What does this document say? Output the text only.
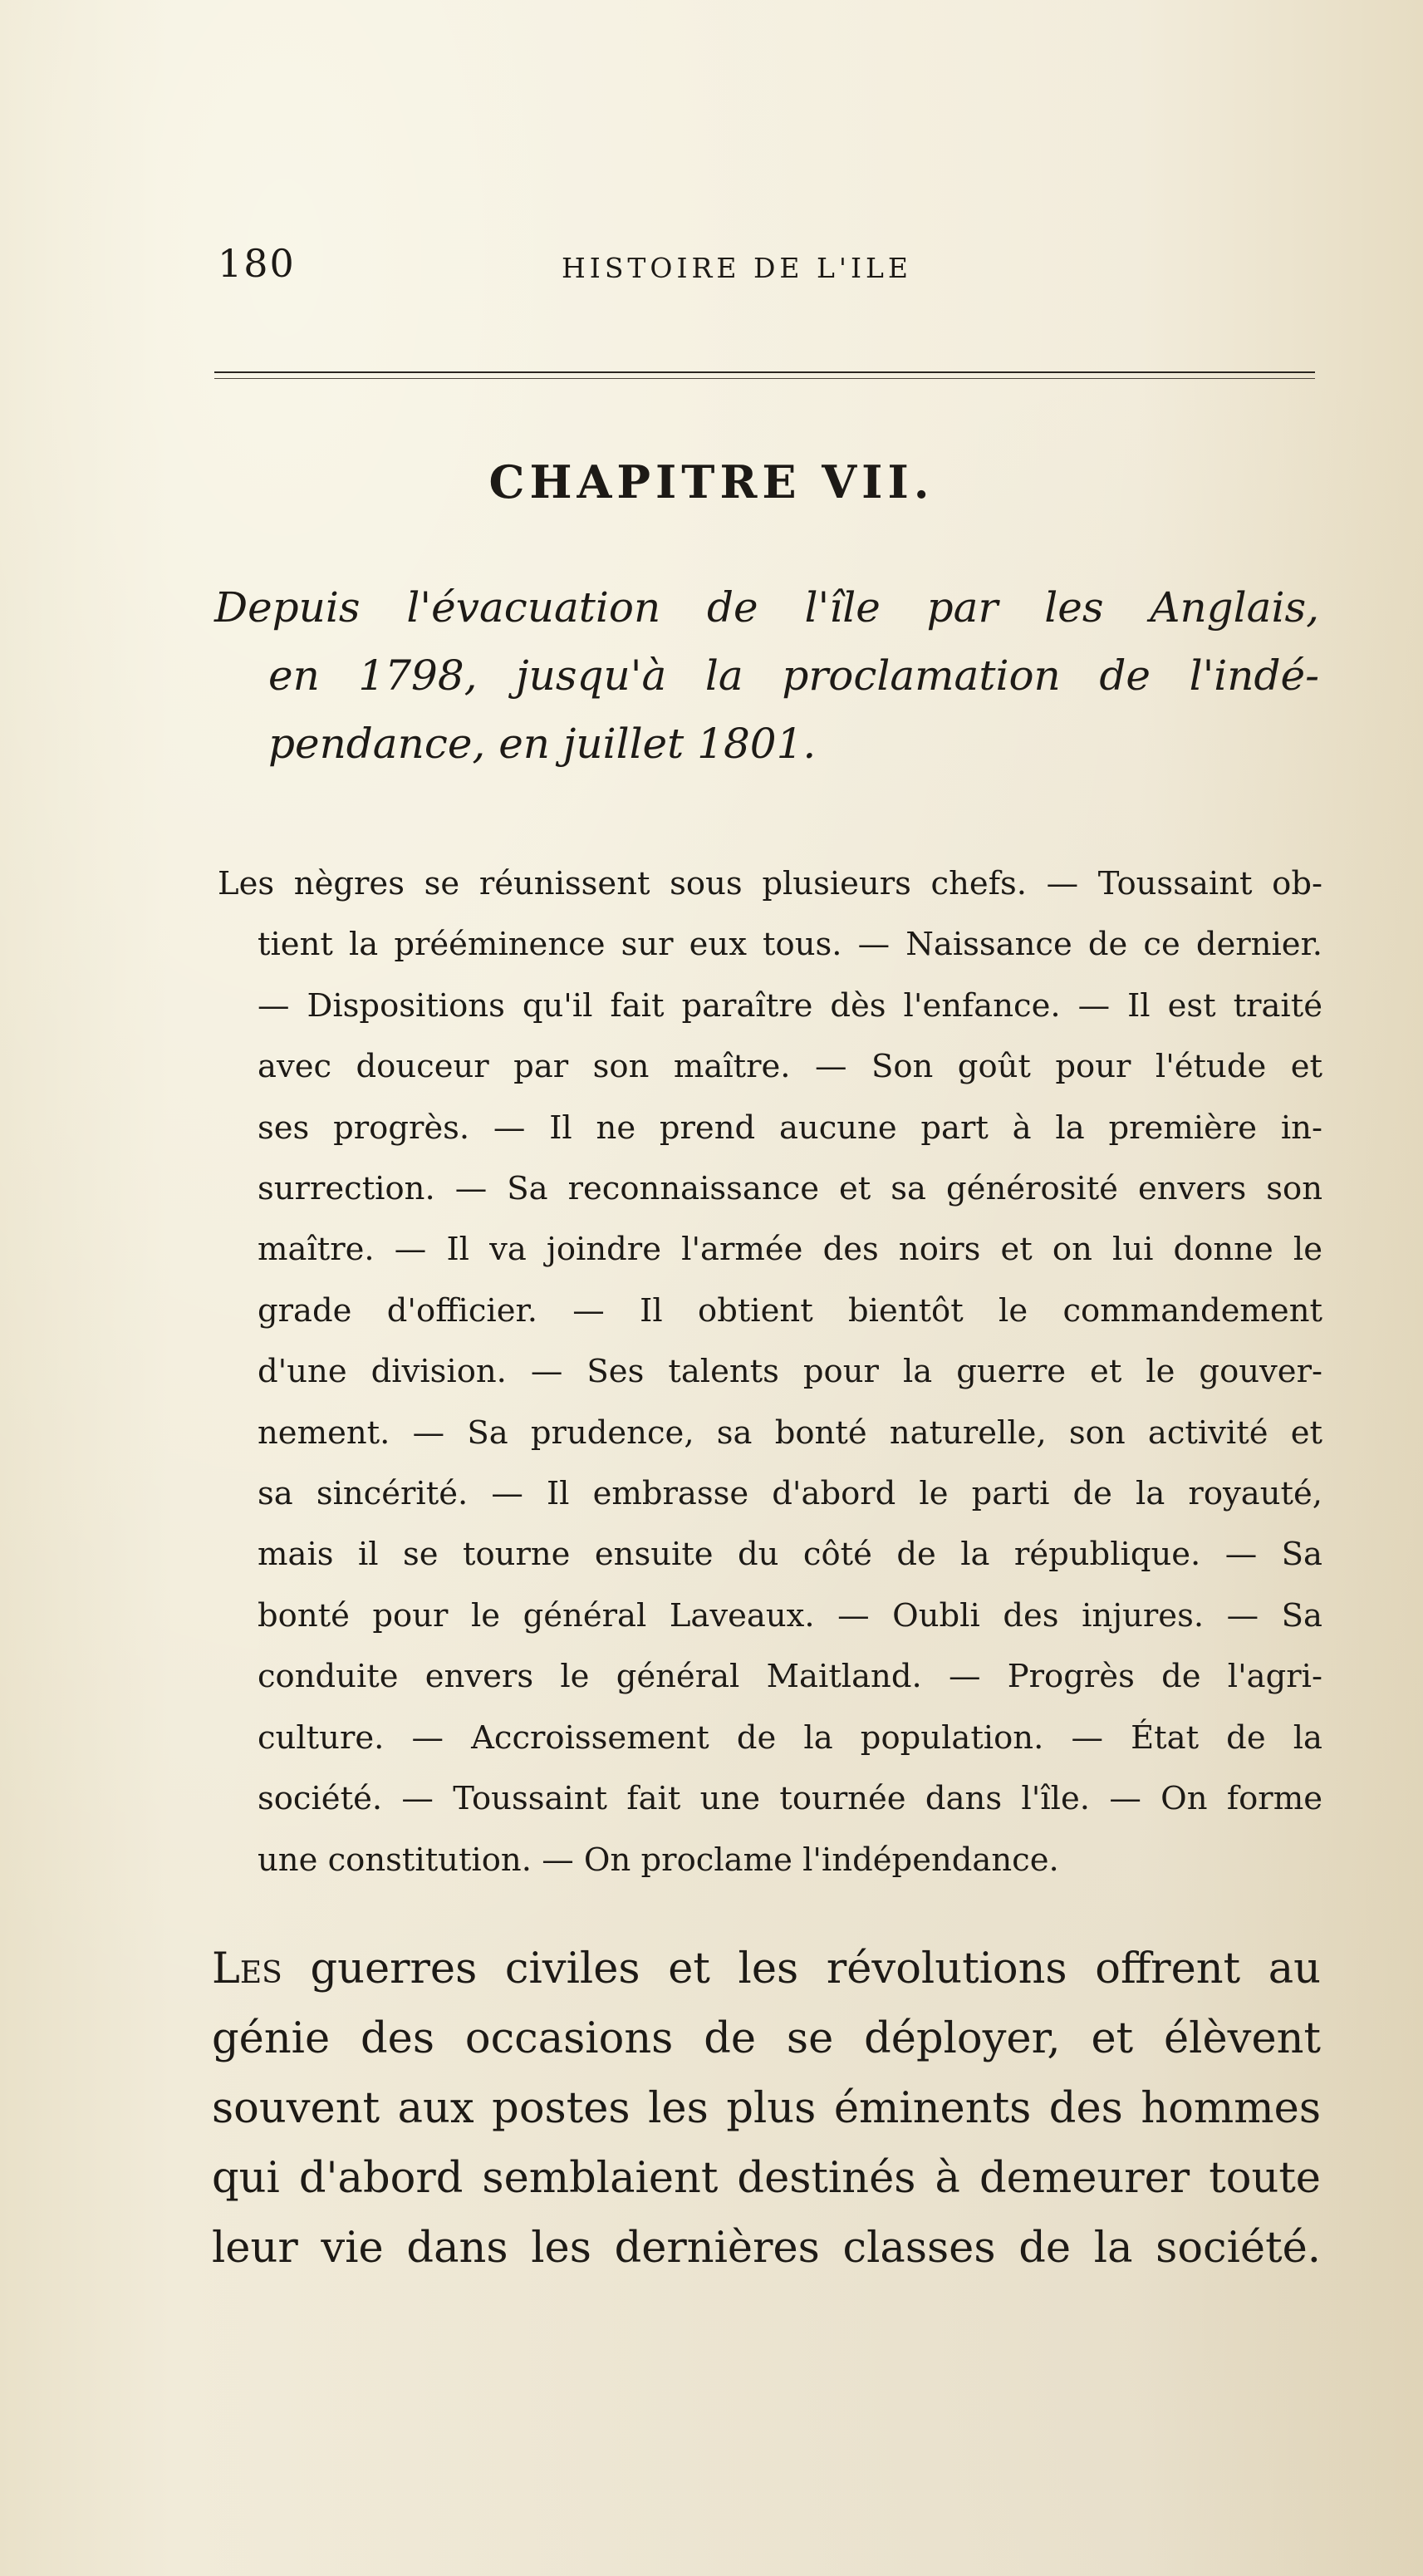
180	HISTOIRE DE L'ILE

CHAPITRE VII.
Depuis l'évacuation de l'île par les Anglais,
en 1798, jusqu'à la proclamation de l'indé-
pendance, en juillet 1801.
Les nègres se réunissent sous plusieurs chefs. — Toussaint ob-
tient la prééminence sur eux tous. — Naissance de ce dernier.
— Dispositions qu'il fait paraître dès l'enfance. — Il est traité
avec douceur par son maître. — Son goût pour l'étude et
ses progrès. — Il ne prend aucune part à la première in-
surrection. — Sa reconnaissance et sa générosité envers son
maître. — Il va joindre l'armée des noirs et on lui donne le
grade d'officier. — Il obtient bientôt le commandement
d'une division. — Ses talents pour la guerre et le gouver-
nement. — Sa prudence, sa bonté naturelle, son activité et
sa sincérité. — Il embrasse d'abord le parti de la royauté,
mais il se tourne ensuite du côté de la république. — Sa
bonté pour le général Laveaux. — Oubli des injures. — Sa
conduite envers le général Maitland. — Progrès de l'agri-
culture. — Accroissement de la population. — État de la
société. — Toussaint fait une tournée dans l'île. — On forme
une constitution. — On proclame l'indépendance.
Les guerres civiles et les révolutions offrent au
génie des occasions de se déployer, et élèvent
souvent aux postes les plus éminents des hommes
qui d'abord semblaient destinés à demeurer toute
leur vie dans les dernières classes de la société.
